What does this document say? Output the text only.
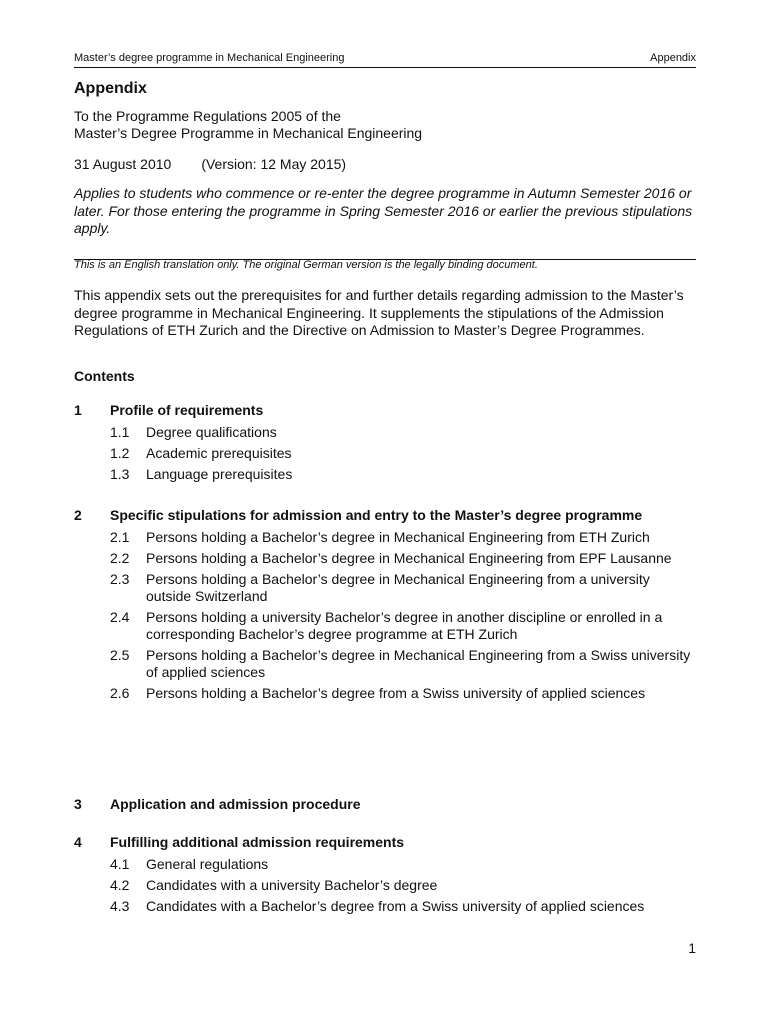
Master’s degree programme in Mechanical Engineering	Appendix
Appendix
To the Programme Regulations 2005 of the
Master’s Degree Programme in Mechanical Engineering
31 August 2010 (Version: 12 May 2015)
Applies to students who commence or re-enter the degree programme in Autumn Semester 2016 or later. For those entering the programme in Spring Semester 2016 or earlier the previous stipulations apply.
This is an English translation only. The original German version is the legally binding document.
This appendix sets out the prerequisites for and further details regarding admission to the Master’s degree programme in Mechanical Engineering. It supplements the stipulations of the Admission Regulations of ETH Zurich and the Directive on Admission to Master’s Degree Programmes.
Contents
1	Profile of requirements
1.1	Degree qualifications
1.2	Academic prerequisites
1.3	Language prerequisites
2	Specific stipulations for admission and entry to the Master’s degree programme
2.1	Persons holding a Bachelor’s degree in Mechanical Engineering from ETH Zurich
2.2	Persons holding a Bachelor’s degree in Mechanical Engineering from EPF Lausanne
2.3	Persons holding a Bachelor’s degree in Mechanical Engineering from a university outside Switzerland
2.4	Persons holding a university Bachelor’s degree in another discipline or enrolled in a corresponding Bachelor’s degree programme at ETH Zurich
2.5	Persons holding a Bachelor’s degree in Mechanical Engineering from a Swiss university of applied sciences
2.6	Persons holding a Bachelor’s degree from a Swiss university of applied sciences
3	Application and admission procedure
4	Fulfilling additional admission requirements
4.1	General regulations
4.2	Candidates with a university Bachelor’s degree
4.3	Candidates with a Bachelor’s degree from a Swiss university of applied sciences
1
